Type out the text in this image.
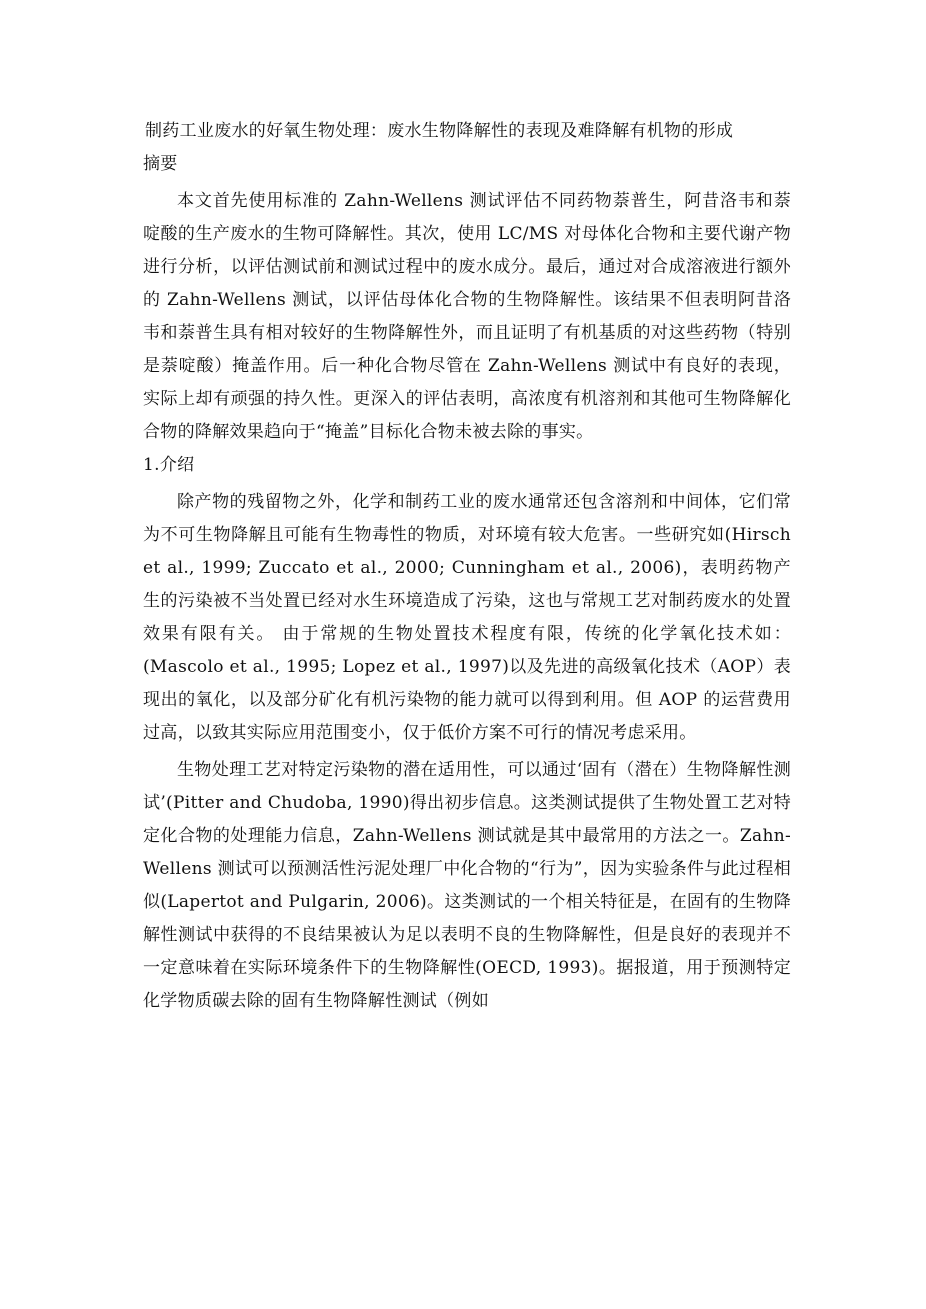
制药工业废水的好氧生物处理：废水生物降解性的表现及难降解有机物的形成

摘要

本文首先使用标准的 Zahn-Wellens 测试评估不同药物萘普生，阿昔洛韦和萘啶酸的生产废水的生物可降解性。其次，使用 LC/MS 对母体化合物和主要代谢产物进行分析，以评估测试前和测试过程中的废水成分。最后，通过对合成溶液进行额外的 Zahn-Wellens 测试，以评估母体化合物的生物降解性。该结果不但表明阿昔洛韦和萘普生具有相对较好的生物降解性外，而且证明了有机基质的对这些药物（特别是萘啶酸）掩盖作用。后一种化合物尽管在 Zahn-Wellens 测试中有良好的表现，实际上却有顽强的持久性。更深入的评估表明，高浓度有机溶剂和其他可生物降解化合物的降解效果趋向于“掩盖”目标化合物未被去除的事实。

1.介绍

除产物的残留物之外，化学和制药工业的废水通常还包含溶剂和中间体，它们常为不可生物降解且可能有生物毒性的物质，对环境有较大危害。一些研究如(Hirsch et al., 1999; Zuccato et al., 2000; Cunningham et al., 2006)，表明药物产生的污染被不当处置已经对水生环境造成了污染，这也与常规工艺对制药废水的处置效果有限有关。 由于常规的生物处置技术程度有限，传统的化学氧化技术如： (Mascolo et al., 1995; Lopez et al., 1997)以及先进的高级氧化技术（AOP）表现出的氧化，以及部分矿化有机污染物的能力就可以得到利用。但 AOP 的运营费用过高，以致其实际应用范围变小，仅于低价方案不可行的情况考虑采用。

生物处理工艺对特定污染物的潜在适用性，可以通过‘固有（潜在）生物降解性测试’(Pitter and Chudoba, 1990)得出初步信息。这类测试提供了生物处置工艺对特定化合物的处理能力信息，Zahn-Wellens 测试就是其中最常用的方法之一。Zahn-Wellens 测试可以预测活性污泥处理厂中化合物的“行为”，因为实验条件与此过程相似(Lapertot and Pulgarin, 2006)。这类测试的一个相关特征是，在固有的生物降解性测试中获得的不良结果被认为足以表明不良的生物降解性，但是良好的表现并不一定意味着在实际环境条件下的生物降解性(OECD, 1993)。据报道，用于预测特定化学物质碳去除的固有生物降解性测试（例如
